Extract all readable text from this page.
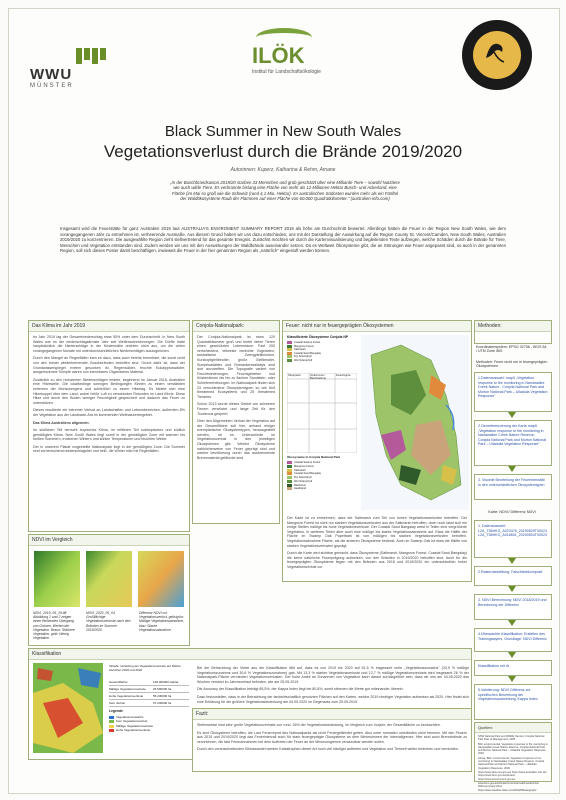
WWU
MÜNSTER
ILÖK
Institut für Landschaftsökologie
Black Summer in New South Wales
Vegetationsverlust durch die Brände 2019/2020
Autorinnen: Kuperz, Katharina & Rehm, Amane
„In der Buschbrandsaison 2019/20 starben 33 Menschen und grob geschätzt über eine Milliarde Tiere – sowohl Nutztiere wie auch wilde Tiere. Es verbrannte bislang eine Fläche von mehr als 12 Millionen Hektar Busch- und Ackerland, eine Fläche (im Mai so groß wie die Schweiz (rund 4,1 Mio. Hektar). Im australischen Südosten wurden mehr als ein Fünftel der Waldökosysteme Raub der Flammen auf einer Fläche von 60.000 Quadratkilometer." (australien-info.com)
Insgesamt wird die Feuerstätte für ganz Australien 2019 laut AUSTRALIA'S ENVIROMENT SUMMARY REPORT 2019 als höhe am Durchschnitt bewertet. Allerdings hatten die Feuer in der Region New South Wales, wie dem vorangegangenen Jahr zu entnehmen ist, verheerende Ausmaße. Aus diesem Grund haben wir uns dazu entschieden, uns mit der Darstellung der Auswirkung auf die Region County St. Vincent/Camden, New South Wales, Australien 2019/2020 zu konzentrieren. Die ausgewählte Region zieht stellvertretend für das gesamte Ereignis. Zunächst möchten wir durch die Kartenvisualisierung und begleitenden Texte aufzeigen, welche Schäden durch die Brände für Tiere, Menschen und Vegetation entstanden sind. Zudem werden wir uns mit den Auswirkungen der Waldbrände auseinander setzen. Da es Weltweit Ökosysteme gibt, die an Störungen wie Feuer angepasst sind, so auch in der genannten Region, soll sich dieses Poster damit beschäftigen, inwieweit die Feuer in der hier genannten Region als „natürlich" eingestuft werden können.
Das Klima im Jahr 2019

Im Jahr 2019 lag der Gesamtniederschlag etwa 55% unter dem Durchschnitt. In New South Wales war es der niederschlagsärmste Jahr seit Wetteraufzeichnungen. Die Dürfte hatte hauptsächlich die Niederschläge in der Küstennähe reichten nicht aus, um die vielen vorangegangenen Monate mit unterdurchschnittlichen Niederschlägen auszugleichen.

Durch den Mangel an Regenfällen kam es dazu, dass auch bereits brennbare, die sonst nicht von den immer wiederkehrenden Buschbränden betroffen sind. Grund dafür ist, dass der Grundwasserspiegel extrem gesunken ist. Regenwälder, feuchte Eukalyptuswälder, ausgetrocknete Sümpfe waren nun brennbares Organisches Material.

Zusätzlich zu den reduzierten Niederschlägen endete, beginnend im Januar 2018, Australien eine Hitzewelle. Die lokalbedinge sonnigen Bedingungen führten zu einem verstärkten extremen der Monsunregens und schließlich zu einem Hitzetag. Es bildete sich eine Hitzekuppel über dem Land, wobei heiße Luft zu verschieden Rekorden im Land führte. Diese Hitze und durch den Boden weniger Feuchtigkeit gespeichert und dadurch das Feuer zu unterstützen.

Dieses resultierte ein extremer Verlust an Landschaften und Lebensbereichen, außerdem 8% der Vegetation aus der Landkarte-Ära im kommenden Weltnaturerbegebiet.

Das Klima Australiens allgemein:

Im südlichen Teil herrscht tropisches Klima, im mittleren Teil subtropisches und südlich gemäßigtes Klima. New South Wales liegt somit in der gemäßigten Zone mit warmen bis heißen Sommern, trockenen Wintern und kühlen Temperaturen und feuchten Winter.

Der in unserem Plakat vorgestellte Nationalpark liegt in der gemäßigten Zone. Die Sommer sind vorherrschend niederschlagsfrei und heiß, die Winter mild mit Regenfällen.

NDVI im Vergleich
NDVI_2019_05_29.tiff Abbildung 1 und 2 zeigen einen fließenden Übergang von Grünen, Werten der Vegetation. Braun: Stärkere Vegetation, gelb: Wenig Vegetation
NDVI_2020_05_04 Großflächige Vegetationsverluste nach den Bränden im Sommer 2019/2020
Differenz NDVI rot: Vegetationsverlust, gelb/grün: Mäßige Vegetationsabnahme, blau: Starke Vegetationsabnahme
Conjola-Nationalpark:

Der Conjola-Nationalpark ist etwa 120 Quadratkilometer groß und bietet vielen Tieren einen geschützten Lebensraum. Fast 200 verschiedene, teilweise bedrohte Vogelarten, australische Zwergpfeilkrücken, Kurzkopfgleitbeutler, große Gleitbeutler, Sumpfwallabies und Rotnackenwallabys sind dort anzutreffen. Die Topografie variiert von Feuchtniederungen, Feuchtgebieten und Küstendünen bis hin zu flachen Sandstein- oder Schiefererhebungen. Im Nationalpark finden sich 23 verschiedene Ökosystemtypen so wie fünf threatened Ecosystems und 25 threatened Tierarten.

Schon 2013 wurde dieses Gebiet von schweren Feuern verwüstet und lange Zeit für den Tourismus gesperrt.

Über den Allgemeinen Verlust der Vegetation auf der Gesamtfläche soll hier, anhand einiger exemplarischer Ökosystemtypen, herausgestellt werden, ob es Unterschiede im Vegetationsverlust in den jeweiligen Ökosystemen gibt. Welche Ökosysteme natürlicherweise von Feuer geprägt sind und welche bevölkerung durch das ausbrennende Brennmaterial gefährdet sind.

Feuer: nicht nur in feuergeprägten Ökosystemen
Klassifizierte Ökosysteme Conjola NP
Coastal Swamp Forest
Mangrove Forest
Saltmarsh
Coastal Sand Bangalay
Dry Sclerophyll
Wet Sclerophyll
Ökosystem	Vorkommen / Beschreibung
Feuerregime
Ökosysteme in Conjola National Park
Coastal Swamp Forest
Mangrove Forest
Saltmarsh
Coastal Sand Bangalay
Dry Sclerophyll
Wet Sclerophyll
Rainforest
Heathland

Der Karte ist zu entnehmen, dass der Saltmarsh zum Teil von hohen Vegetationsverlusten betroffen. Der Mangrove Forest ist nicht nur starken Vegetationsverlusten aus der Saltmarsh betroffen, doch noch lässt sich ein einige Stellen mäßige bis hohe Vegetationsverluste. Der Coastal Sand Bangalay weist in Teilen eine vergrößerte Vegetation, in weiteren Teilen aber auch eine mäßige bis starke Vegetationsabnahme auf. Etwa die Hälfte der Fläche im Swamp Oak Paperbark ist von mäßigen bis starken Vegetationsverlusten betroffen. Vegetationsabnahme Fläche, als die anderen Ökosysteme bedeckt. Auch im Swamp Oak ist etwa die Hälfte von starken Vegetationsverlusten geprägt.

Durch die Karte wird sichtbar gemacht, dass Ökosysteme (Saltmarsh, Mangrove Forest, Coastal Sand Bangalay) die keine natürliche Feuerprägung aufweisen, von den Bränden in 2019/2020 betroffen sind. Auch für die feuergeprägten Ökosysteme liegen mit den Bränden aus 2015 und 2019/2020 ein unterschiedlich hoher Vegetationsverlust vor.

Methoden:
Koordinatensystem: EPSG 32756 - WGS 84 / UTM Zone 56S
Methoden: Feuer nicht nur in feuergeprägten Ökosystemen
1.Datenauswahl: mapß „Vegetation response to fire monitoring in Narrawallee Creek Nature , Conjola National Park and Morton National Park – Ulladulla Vegetation Response"
2.Georeferenzierung der Karte mapß „Vegetation response to fire monitoring in Narrawallee Creek Nature Reserve, Conjola National Park and Morton National Park – Ulladulla Vegetation Response"
3. Visuelle Beurteilung der Feuerintensität in den unterschiedlichen Ökosystemtypen
Karte: NDVI/ Differenz NDVI
1. Datenauswahl: L2A_T56HKG_A023476_20190529T00024 L2A_T56HKG_A016601_20200504T00023
2.Rasterdarstellung: Falschfarbkomposit
3. NDVI Berechnung: NDVI 2018/2019 und Berechnung der Differenz
4.Überwachte Klassifikation: Erstellen des Trainingslayers, Grundlage: NDVI Differenz
Klassifikation mit dt
5.Validierung: NDVI Differenz zur spezifischen Beurteilung der Vegetationsausbreitung, Kappa Index
Klassifikation
Tabelle: Verteilung der Vegetationsverluste auf Fläche zwischen 2019 und 2020
Gesamtfläche	148.060000 Hektar
Mäßige Vegetationsverluste	25.590000 ha
Hohe Vegetationsverluste	55.230000 ha
Kein Verlust	67.240000 ha
Legende
Vegetationszuwachs
Kein Vegetationsverlust
Mäßige Vegetationsverluste
Hohe Vegetationsverluste

Bei der Betrachtung der Vierte aus der Klassifikation fällt auf, dass es von 2019 bis 2020 auf 61,5 % insgesamt mehr „Vegetationszuwachs" (33,9 % mäßige Vegetationszunahme und 30,6 % Vegetationszunahme) gab. Mit 13,3 % starker Vegetationsverluste und 12,7 % mäßige Vegetationsverluste wird insgesamt 26 % der Nationalpark-Fläche vermindert Vegetationsverlusten. Der hohe Anteil an Zunahmen von Vegetation kann darauf zurückgeführt sein, dass wir uns am 04.05.2020 das Wochen versetzt im Jahresverlauf befinden, wie am 25.05.2019.

Die Accuracy der Klassifikation beträgt 85,5%, der Kappa Index liegt bei 80,8%, somit stimmen die Werte gut miteinander überein.

Dazu festzustellen, dass in der Betrachtung der landwirtschaftlich genutzten Flächen auf den Karten, welche 2019 niedriger Vegetation aufweisen als 2020. Hier findet sich eine Erklärung für die größere Vegetationsbedeckung am 04.05.2020 im Gegensatz zum 25.05.2019.

Fazit:

Stellenweise sind sehr große Vegetationsverluste von rund. 26% der Vegetationsbedeckung, im Vergleich zum Vorjahr, der Gesamtfläche zu beobachten.

Es sind Ökosysteme betroffen, die Laut Feuerreport des Nationalparks als nicht Feuergefährdet gelten. Also unter normalen umständen nicht brennen. Mit den Feuern aus 2015 und 2019/2020 liegt das Feuerintervall auch für stark feuergeprägte Ökosysteme an dem Minimumwert der Intervallgrenze. Hier sind auch Brennbrände zu verzeichnen, die fast Feuerannahmen bei dem Auftreten der Feuer an der Minimumgrenze verwundbar werden sollen.

Durch den voranschreitenden Klimawandel werden Katastrophen dieser Art noch viel häufiger auftreten und Vegetation und Tierwelt weiter bedrohen und vernichten.

Quellen:
NSW National Park and Wildlife Service: Conjola National Park Plan of Management, 2005
Bild: environmental, Vegetation response to fire monitoring in Narrawallee Creek Nature Reserve, Conjola National Park and Morton National Park – Ulladulla Vegetation Response, 2020
Abuse, Bild: environmental, Vegetation response to fire monitoring in Narrawallee Creek Nature Reserve, Conjola National Park and Morton National Park – Ulladulla Vegetation Response, 2020
https://www.dpie.nsw.gov.au/ https://www.australien-info.de/ https://www.bom.gov.au/climate/ https://www.environment.gov.au/
www.bom.gov.au/climate/current/annual/nsw/archive/ 2019.summary.shtml
https://www.weather-state.com/2019/08/eastgraph/
